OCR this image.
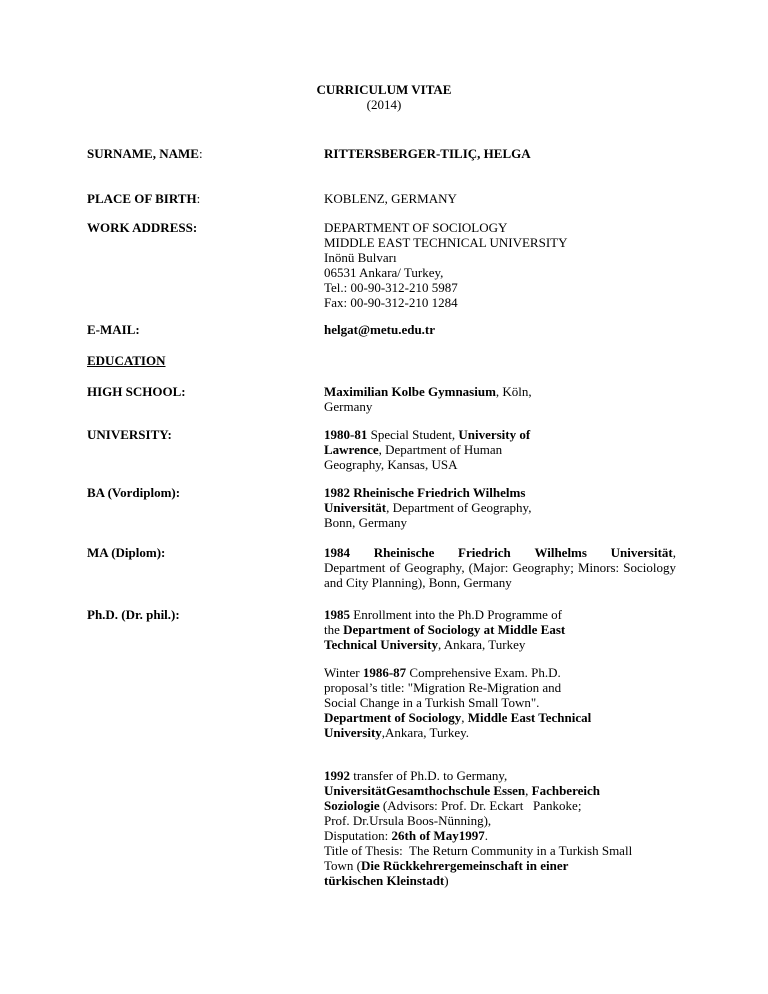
CURRICULUM VITAE
(2014)
SURNAME, NAME:	RITTERSBERGER-TILIÇ, HELGA
PLACE OF BIRTH:	KOBLENZ, GERMANY
WORK ADDRESS:	DEPARTMENT OF SOCIOLOGY
MIDDLE EAST TECHNICAL UNIVERSITY
Inönü Bulvarı
06531 Ankara/ Turkey,
Tel.: 00-90-312-210 5987
Fax: 00-90-312-210 1284
E-MAIL:	helgat@metu.edu.tr
EDUCATION
HIGH SCHOOL:	Maximilian Kolbe Gymnasium, Köln,
Germany
UNIVERSITY:	1980-81 Special Student, University of
Lawrence, Department of Human
Geography, Kansas, USA
BA (Vordiplom):	1982 Rheinische Friedrich Wilhelms
Universität, Department of Geography,
Bonn, Germany
MA (Diplom):	1984 Rheinische Friedrich Wilhelms Universität,
Department of Geography, (Major: Geography; Minors: Sociology and City Planning), Bonn, Germany
Ph.D. (Dr. phil.):	1985 Enrollment into the Ph.D Programme of
the Department of Sociology at Middle East
Technical University, Ankara, Turkey
Winter 1986-87 Comprehensive Exam. Ph.D.
proposal’s title: "Migration Re-Migration and
Social Change in a Turkish Small Town".
Department of Sociology, Middle East Technical
University,Ankara, Turkey.
1992 transfer of Ph.D. to Germany,
UniversitätGesamthochschule Essen, Fachbereich
Soziologie (Advisors: Prof. Dr. Eckart   Pankoke;
Prof. Dr.Ursula Boos-Nünning),
Disputation: 26th of May1997.
Title of Thesis:  The Return Community in a Turkish Small
Town (Die Rückkehrergemeinschaft in einer
türkischen Kleinstadt)
